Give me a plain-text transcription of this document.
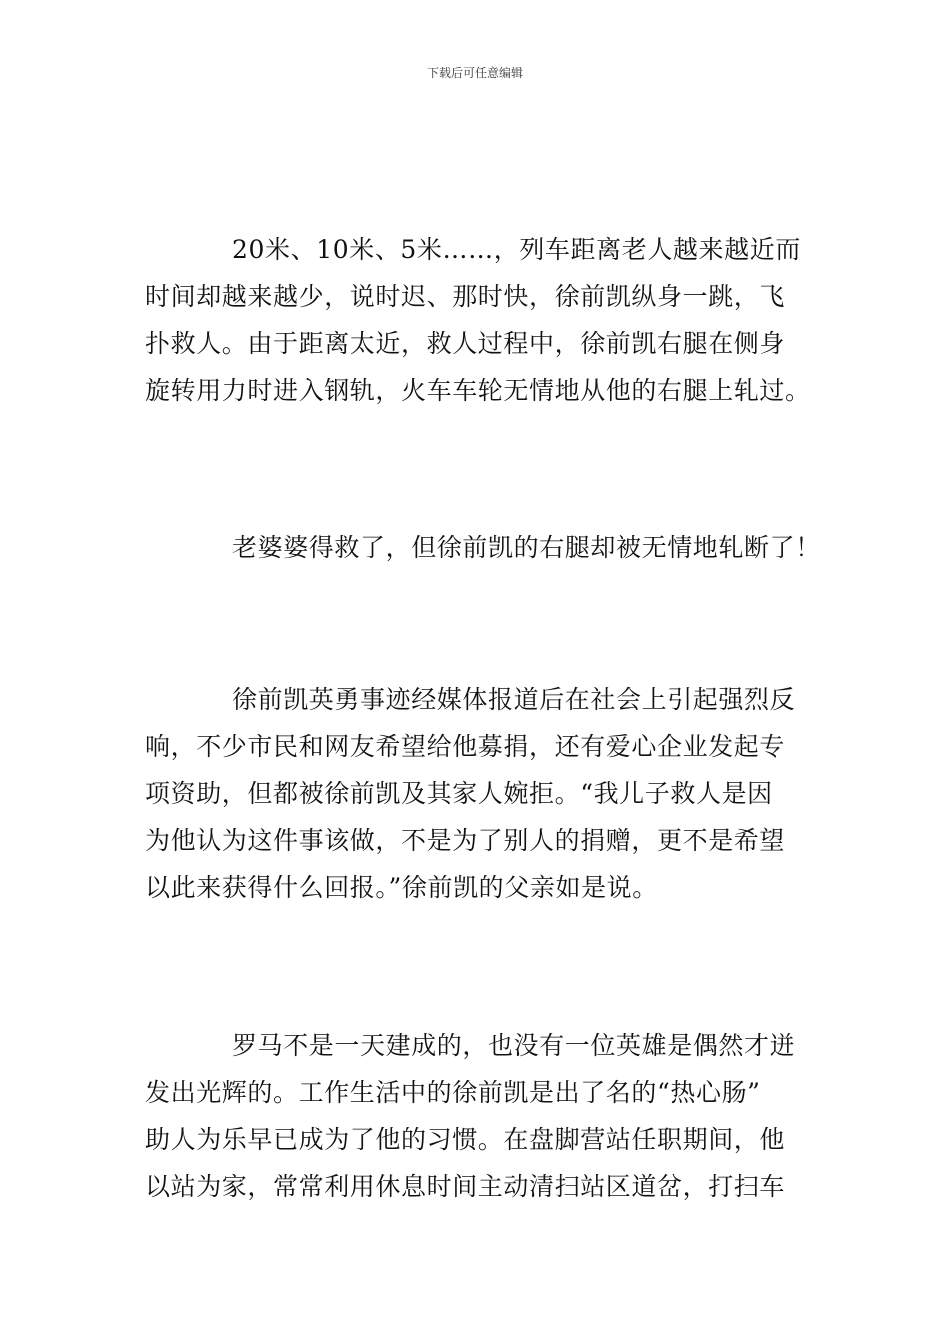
下载后可任意编辑
20米、10米、5米……，列车距离老人越来越近而
时间却越来越少，说时迟、那时快，徐前凯纵身一跳，飞
扑救人。由于距离太近，救人过程中，徐前凯右腿在侧身
旋转用力时进入钢轨，火车车轮无情地从他的右腿上轧过。
老婆婆得救了，但徐前凯的右腿却被无情地轧断了！
徐前凯英勇事迹经媒体报道后在社会上引起强烈反
响，不少市民和网友希望给他募捐，还有爱心企业发起专
项资助，但都被徐前凯及其家人婉拒。“我儿子救人是因
为他认为这件事该做，不是为了别人的捐赠，更不是希望
以此来获得什么回报。”徐前凯的父亲如是说。
罗马不是一天建成的，也没有一位英雄是偶然才迸
发出光辉的。工作生活中的徐前凯是出了名的“热心肠”
助人为乐早已成为了他的习惯。在盘脚营站任职期间，他
以站为家，常常利用休息时间主动清扫站区道岔，打扫车
